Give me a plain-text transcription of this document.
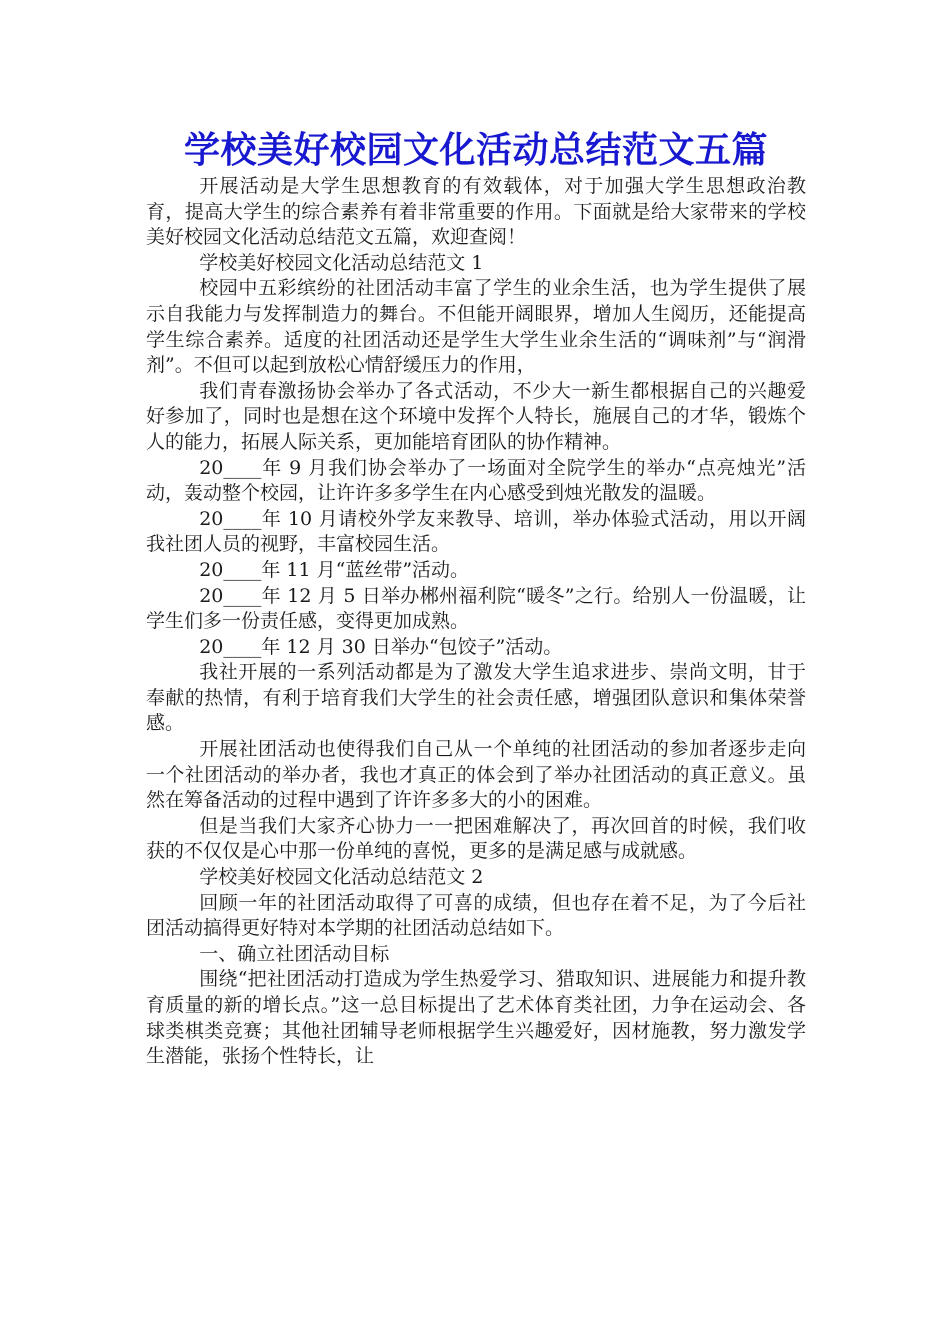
学校美好校园文化活动总结范文五篇

开展活动是大学生思想教育的有效载体，对于加强大学生思想政治教育，提高大学生的综合素养有着非常重要的作用。下面就是给大家带来的学校美好校园文化活动总结范文五篇，欢迎查阅！

学校美好校园文化活动总结范文 1

校园中五彩缤纷的社团活动丰富了学生的业余生活，也为学生提供了展示自我能力与发挥制造力的舞台。不但能开阔眼界，增加人生阅历，还能提高学生综合素养。适度的社团活动还是学生大学生业余生活的“调味剂”与“润滑剂”。不但可以起到放松心情舒缓压力的作用，

我们青春激扬协会举办了各式活动，不少大一新生都根据自己的兴趣爱好参加了，同时也是想在这个环境中发挥个人特长，施展自己的才华，锻炼个人的能力，拓展人际关系，更加能培育团队的协作精神。

20____年 9 月我们协会举办了一场面对全院学生的举办“点亮烛光”活动，轰动整个校园，让许许多多学生在内心感受到烛光散发的温暖。

20____年 10 月请校外学友来教导、培训，举办体验式活动，用以开阔我社团人员的视野，丰富校园生活。

20____年 11 月“蓝丝带”活动。

20____年 12 月 5 日举办郴州福利院“暖冬”之行。给别人一份温暖，让学生们多一份责任感，变得更加成熟。

20____年 12 月 30 日举办“包饺子”活动。

我社开展的一系列活动都是为了激发大学生追求进步、崇尚文明，甘于奉献的热情，有利于培育我们大学生的社会责任感，增强团队意识和集体荣誉感。

开展社团活动也使得我们自己从一个单纯的社团活动的参加者逐步走向一个社团活动的举办者，我也才真正的体会到了举办社团活动的真正意义。虽然在筹备活动的过程中遇到了许许多多大的小的困难。

但是当我们大家齐心协力一一把困难解决了，再次回首的时候，我们收获的不仅仅是心中那一份单纯的喜悦，更多的是满足感与成就感。

学校美好校园文化活动总结范文 2

回顾一年的社团活动取得了可喜的成绩，但也存在着不足，为了今后社团活动搞得更好特对本学期的社团活动总结如下。

一、确立社团活动目标

围绕“把社团活动打造成为学生热爱学习、猎取知识、进展能力和提升教育质量的新的增长点。”这一总目标提出了艺术体育类社团，力争在运动会、各球类棋类竞赛；其他社团辅导老师根据学生兴趣爱好，因材施教，努力激发学生潜能，张扬个性特长，让
